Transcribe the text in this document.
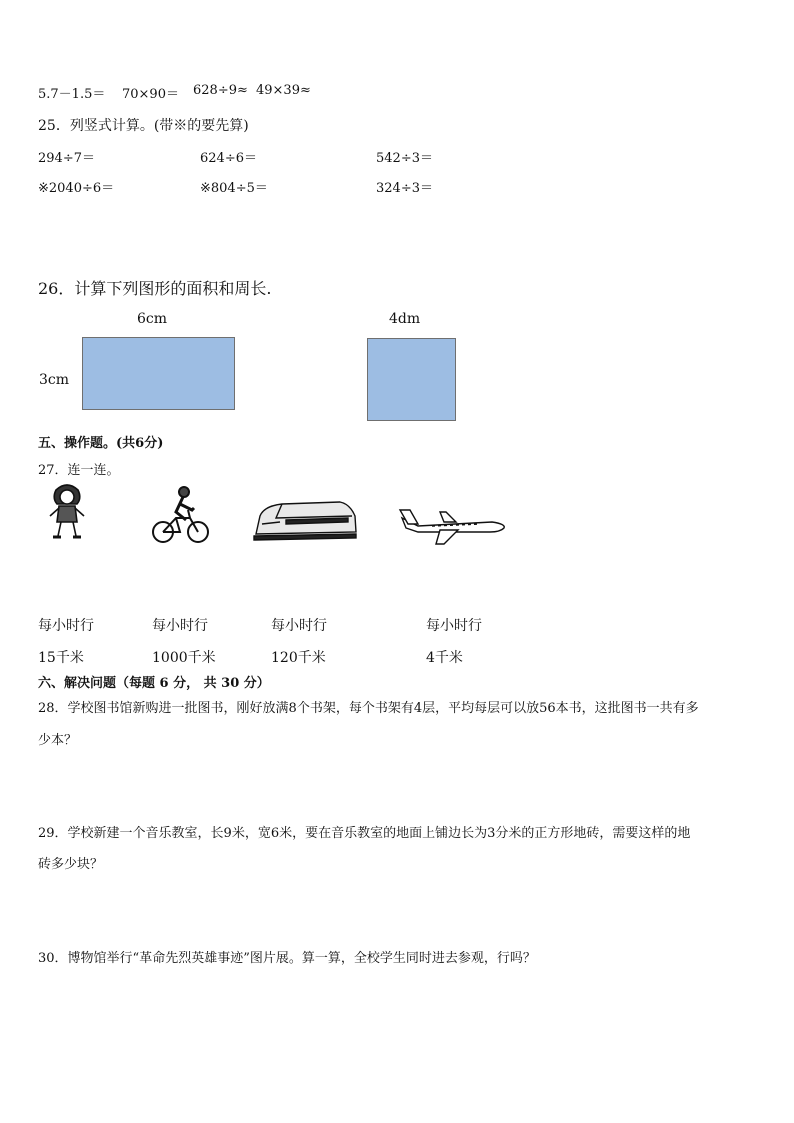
5.7－1.5＝ 70×90＝ 628÷9≈ 49×39≈
25．列竖式计算。(带※的要先算)
294÷7＝	624÷6＝	542÷3＝
※2040÷6＝	※804÷5＝	324÷3＝
26．计算下列图形的面积和周长.
6cm
3cm
4dm
五、操作题。(共6分)
27．连一连。
每小时行	每小时行	每小时行	每小时行
15千米	1000千米	120千米	4千米
六、解决问题（每题 6 分， 共 30 分）
28．学校图书馆新购进一批图书，刚好放满8个书架，每个书架有4层，平均每层可以放56本书，这批图书一共有多
少本？
29．学校新建一个音乐教室，长9米，宽6米，要在音乐教室的地面上铺边长为3分米的正方形地砖，需要这样的地
砖多少块？
30．博物馆举行“革命先烈英雄事迹”图片展。算一算，全校学生同时进去参观，行吗？
